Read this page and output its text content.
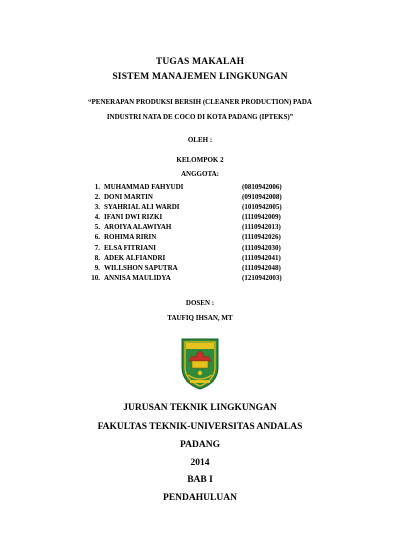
TUGAS MAKALAH
SISTEM MANAJEMEN LINGKUNGAN
“PENERAPAN PRODUKSI BERSIH (CLEANER PRODUCTION) PADA
INDUSTRI NATA DE COCO DI KOTA PADANG (IPTEKS)”
OLEH :
KELOMPOK 2
ANGGOTA:
1. MUHAMMAD FAHYUDI	(0810942006)
2. DONI MARTIN	(0910942008)
3. SYAHRIAL ALI WARDI	(1010942005)
4. IFANI DWI RIZKI	(1110942009)
5. AROIYA ALAWIYAH	(1110942013)
6. ROHIMA RIRIN	(1110942026)
7. ELSA FITRIANI	(1110942030)
8. ADEK ALFIANDRI	(1110942041)
9. WILLSHON SAPUTRA	(1110942048)
10. ANNISA MAULIDYA	(1210942003)
DOSEN :
TAUFIQ IHSAN, MT
JURUSAN TEKNIK LINGKUNGAN
FAKULTAS TEKNIK-UNIVERSITAS ANDALAS
PADANG
2014
BAB I
PENDAHULUAN
